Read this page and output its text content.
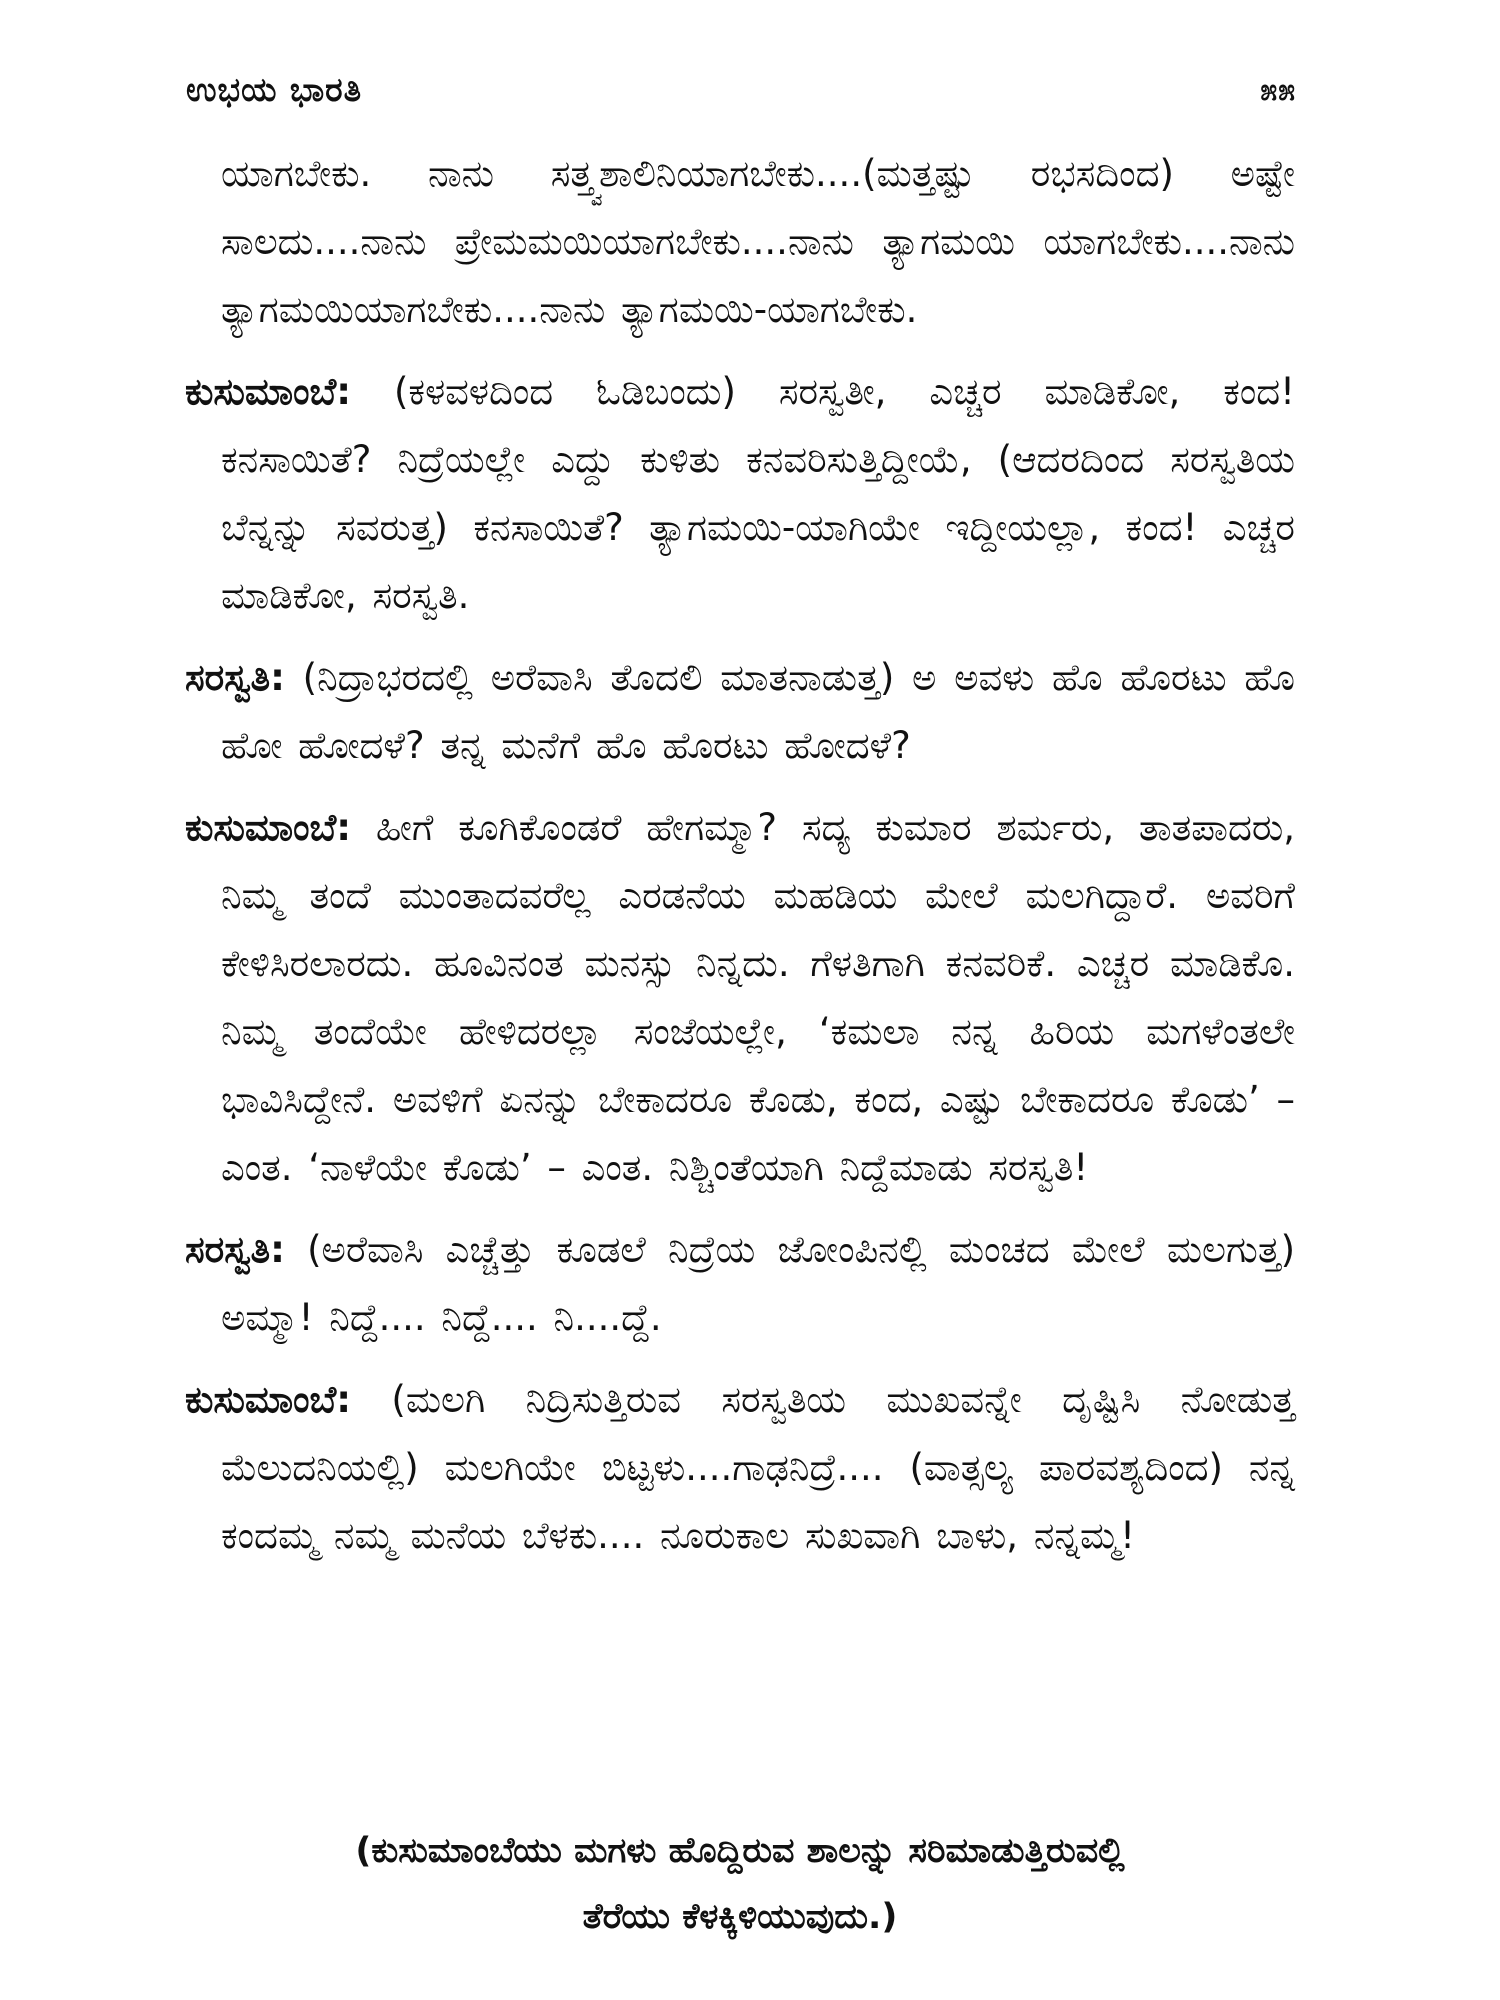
ಉಭಯ ಭಾರತಿ	೫೫

ಯಾಗಬೇಕು. ನಾನು ಸತ್ತ್ವಶಾಲಿನಿಯಾಗಬೇಕು....(ಮತ್ತಷ್ಟು ರಭಸದಿಂದ) ಅಷ್ಟೇ ಸಾಲದು....ನಾನು ಪ್ರೇಮಮಯಿಯಾಗಬೇಕು....ನಾನು ತ್ಯಾಗಮಯಿ ಯಾಗಬೇಕು....ನಾನು ತ್ಯಾಗಮಯಿಯಾಗಬೇಕು....ನಾನು ತ್ಯಾಗಮಯಿ-ಯಾಗಬೇಕು.

ಕುಸುಮಾಂಬೆ: (ಕಳವಳದಿಂದ ಓಡಿಬಂದು) ಸರಸ್ವತೀ, ಎಚ್ಚರ ಮಾಡಿಕೋ, ಕಂದ! ಕನಸಾಯಿತೆ? ನಿದ್ರೆಯಲ್ಲೇ ಎದ್ದು ಕುಳಿತು ಕನವರಿಸುತ್ತಿದ್ದೀಯೆ, (ಆದರದಿಂದ ಸರಸ್ವತಿಯ ಬೆನ್ನನ್ನು ಸವರುತ್ತ) ಕನಸಾಯಿತೆ? ತ್ಯಾಗಮಯಿ-ಯಾಗಿಯೇ ಇದ್ದೀಯಲ್ಲಾ, ಕಂದ! ಎಚ್ಚರ ಮಾಡಿಕೋ, ಸರಸ್ವತಿ.

ಸರಸ್ವತಿ: (ನಿದ್ರಾಭರದಲ್ಲಿ ಅರೆವಾಸಿ ತೊದಲಿ ಮಾತನಾಡುತ್ತ) ಅ ಅವಳು ಹೊ ಹೊರಟು ಹೊ ಹೋ ಹೋದಳೆ? ತನ್ನ ಮನೆಗೆ ಹೊ ಹೊರಟು ಹೋದಳೆ?

ಕುಸುಮಾಂಬೆ: ಹೀಗೆ ಕೂಗಿಕೊಂಡರೆ ಹೇಗಮ್ಮಾ? ಸದ್ಯ ಕುಮಾರ ಶರ್ಮರು, ತಾತಪಾದರು, ನಿಮ್ಮ ತಂದೆ ಮುಂತಾದವರೆಲ್ಲ ಎರಡನೆಯ ಮಹಡಿಯ ಮೇಲೆ ಮಲಗಿದ್ದಾರೆ. ಅವರಿಗೆ ಕೇಳಿಸಿರಲಾರದು. ಹೂವಿನಂತ ಮನಸ್ಸು ನಿನ್ನದು. ಗೆಳತಿಗಾಗಿ ಕನವರಿಕೆ. ಎಚ್ಚರ ಮಾಡಿಕೊ. ನಿಮ್ಮ ತಂದೆಯೇ ಹೇಳಿದರಲ್ಲಾ ಸಂಜೆಯಲ್ಲೇ, ‘ಕಮಲಾ ನನ್ನ ಹಿರಿಯ ಮಗಳೆಂತಲೇ ಭಾವಿಸಿದ್ದೇನೆ. ಅವಳಿಗೆ ಏನನ್ನು ಬೇಕಾದರೂ ಕೊಡು, ಕಂದ, ಎಷ್ಟು ಬೇಕಾದರೂ ಕೊಡು’ – ಎಂತ. ‘ನಾಳೆಯೇ ಕೊಡು’ – ಎಂತ. ನಿಶ್ಚಿಂತೆಯಾಗಿ ನಿದ್ದೆಮಾಡು ಸರಸ್ವತಿ!

ಸರಸ್ವತಿ: (ಅರೆವಾಸಿ ಎಚ್ಚೆತ್ತು ಕೂಡಲೆ ನಿದ್ರೆಯ ಜೋಂಪಿನಲ್ಲಿ ಮಂಚದ ಮೇಲೆ ಮಲಗುತ್ತ) ಅಮ್ಮಾ! ನಿದ್ದೆ.... ನಿದ್ದೆ.... ನಿ....ದ್ದೆ.

ಕುಸುಮಾಂಬೆ: (ಮಲಗಿ ನಿದ್ರಿಸುತ್ತಿರುವ ಸರಸ್ವತಿಯ ಮುಖವನ್ನೇ ದೃಷ್ಟಿಸಿ ನೋಡುತ್ತ ಮೆಲುದನಿಯಲ್ಲಿ) ಮಲಗಿಯೇ ಬಿಟ್ಟಳು....ಗಾಢನಿದ್ರೆ.... (ವಾತ್ಸಲ್ಯ ಪಾರವಶ್ಯದಿಂದ) ನನ್ನ ಕಂದಮ್ಮ ನಮ್ಮ ಮನೆಯ ಬೆಳಕು.... ನೂರುಕಾಲ ಸುಖವಾಗಿ ಬಾಳು, ನನ್ನಮ್ಮ!

(ಕುಸುಮಾಂಬೆಯು ಮಗಳು ಹೊದ್ದಿರುವ ಶಾಲನ್ನು ಸರಿಮಾಡುತ್ತಿರುವಲ್ಲಿ
ತೆರೆಯು ಕೆಳಕ್ಕಿಳಿಯುವುದು.)
